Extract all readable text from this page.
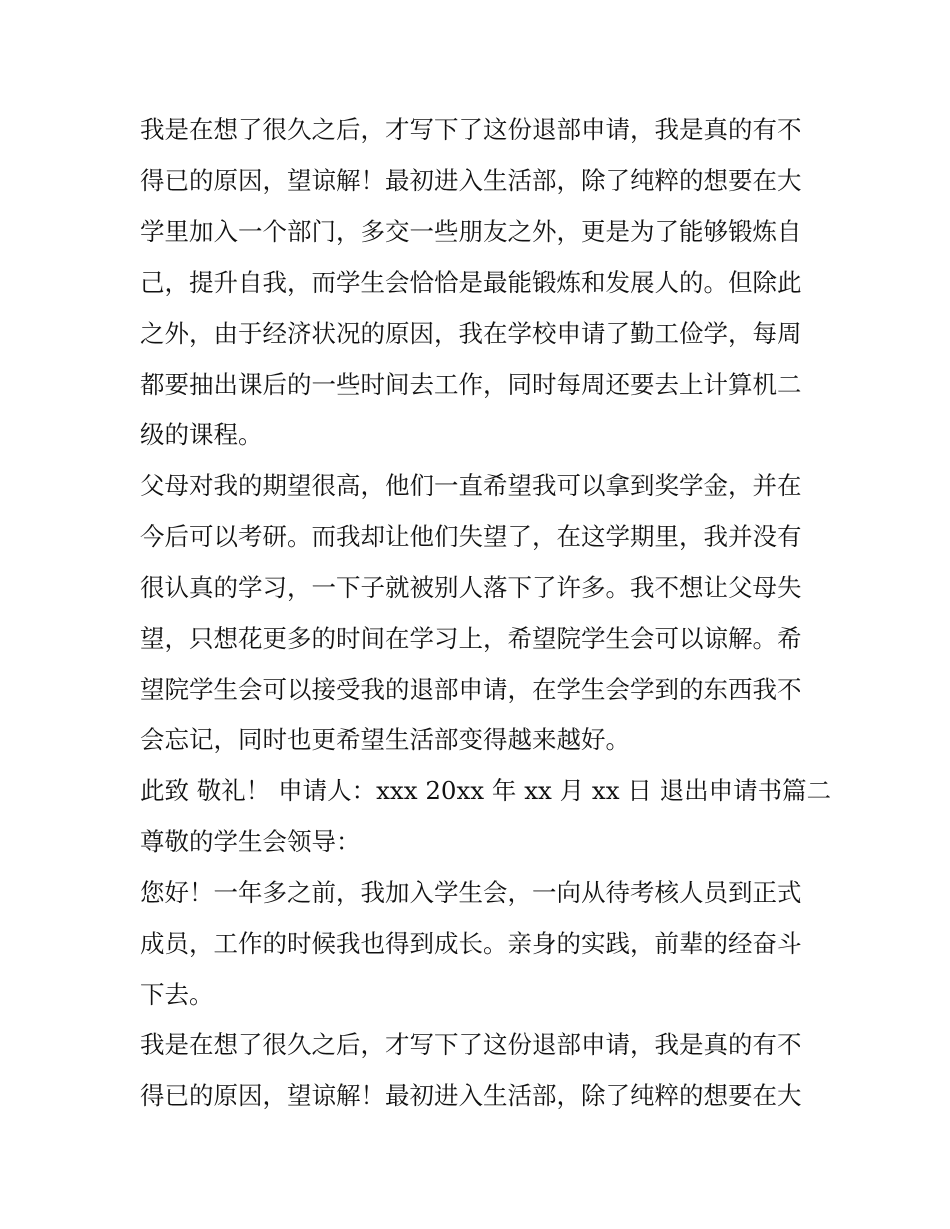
我是在想了很久之后，才写下了这份退部申请，我是真的有不
得已的原因，望谅解！最初进入生活部，除了纯粹的想要在大
学里加入一个部门，多交一些朋友之外，更是为了能够锻炼自
己，提升自我，而学生会恰恰是最能锻炼和发展人的。但除此
之外，由于经济状况的原因，我在学校申请了勤工俭学，每周
都要抽出课后的一些时间去工作，同时每周还要去上计算机二
级的课程。
父母对我的期望很高，他们一直希望我可以拿到奖学金，并在
今后可以考研。而我却让他们失望了，在这学期里，我并没有
很认真的学习，一下子就被别人落下了许多。我不想让父母失
望，只想花更多的时间在学习上，希望院学生会可以谅解。希
望院学生会可以接受我的退部申请，在学生会学到的东西我不
会忘记，同时也更希望生活部变得越来越好。
此致 敬礼！ 申请人：xxx 20xx 年 xx 月 xx 日 退出申请书篇二
尊敬的学生会领导：
您好！一年多之前，我加入学生会，一向从待考核人员到正式
成员，工作的时候我也得到成长。亲身的实践，前辈的经奋斗
下去。
我是在想了很久之后，才写下了这份退部申请，我是真的有不
得已的原因，望谅解！最初进入生活部，除了纯粹的想要在大
